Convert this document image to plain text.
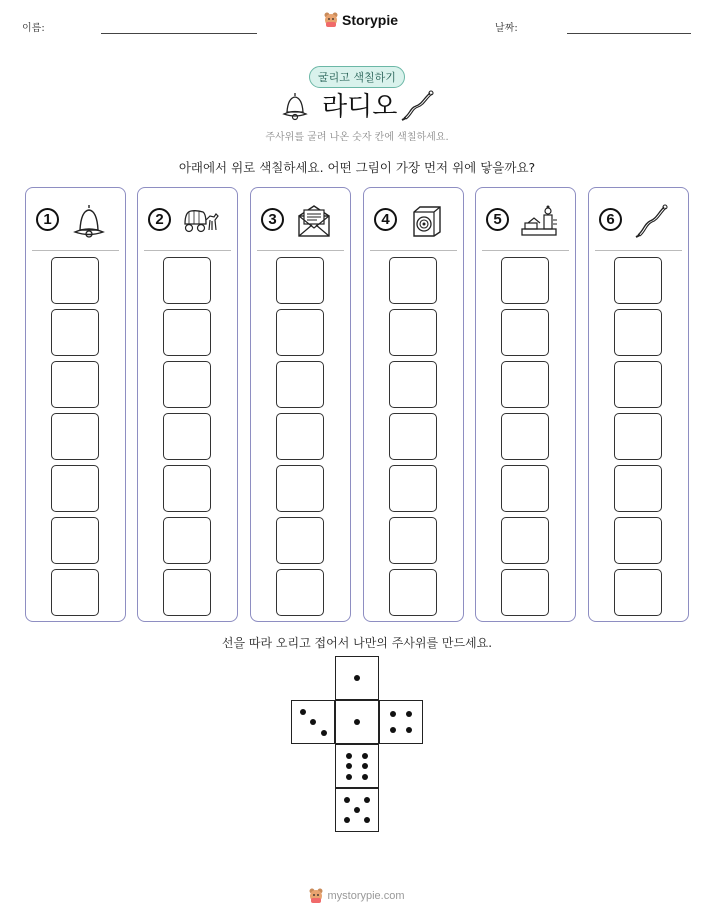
이름:
Storypie
날짜:
굴리고 색칠하기
라디오
주사위를 굴려 나온 숫자 칸에 색칠하세요.
아래에서 위로 색칠하세요. 어떤 그림이 가장 먼저 위에 닿을까요?
1	2	3	4	5	6
선을 따라 오리고 접어서 나만의 주사위를 만드세요.
mystorypie.com
